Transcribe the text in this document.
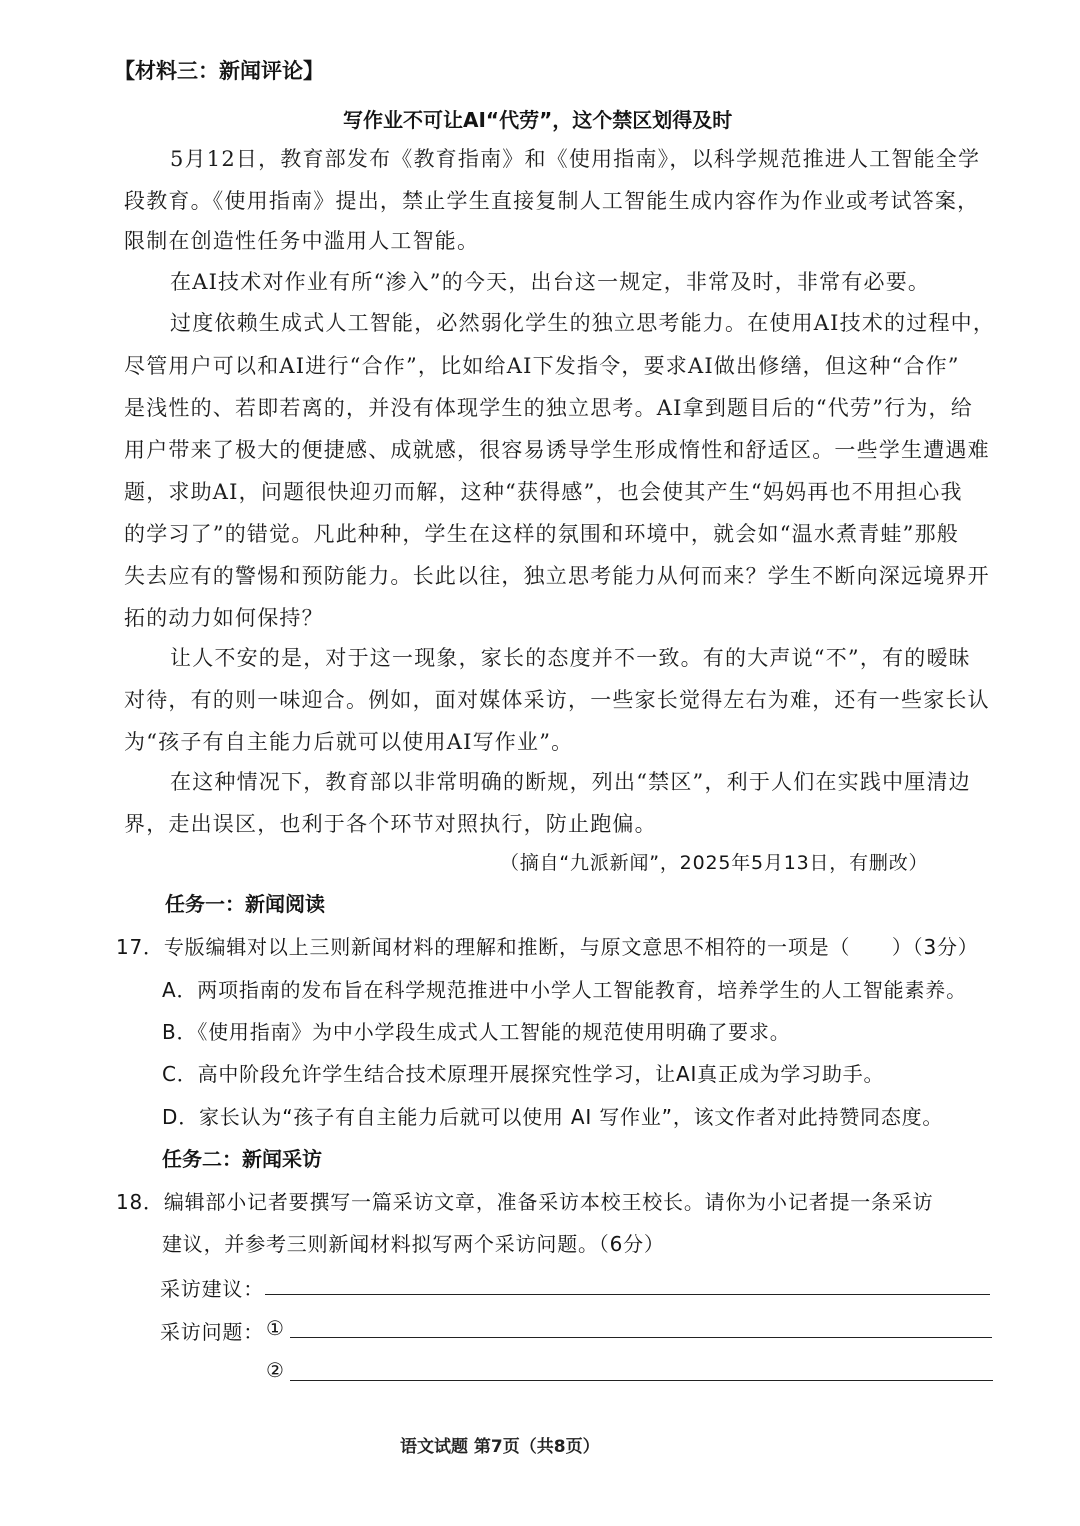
【材料三：新闻评论】
写作业不可让AI“代劳”，这个禁区划得及时
5月12日，教育部发布《教育指南》和《使用指南》，以科学规范推进人工智能全学
段教育。《使用指南》提出，禁止学生直接复制人工智能生成内容作为作业或考试答案，
限制在创造性任务中滥用人工智能。
在AI技术对作业有所“渗入”的今天，出台这一规定，非常及时，非常有必要。
过度依赖生成式人工智能，必然弱化学生的独立思考能力。在使用AI技术的过程中，
尽管用户可以和AI进行“合作”，比如给AI下发指令，要求AI做出修缮，但这种“合作”
是浅性的、若即若离的，并没有体现学生的独立思考。AI拿到题目后的“代劳”行为，给
用户带来了极大的便捷感、成就感，很容易诱导学生形成惰性和舒适区。一些学生遭遇难
题，求助AI，问题很快迎刃而解，这种“获得感”，也会使其产生“妈妈再也不用担心我
的学习了”的错觉。凡此种种，学生在这样的氛围和环境中，就会如“温水煮青蛙”那般
失去应有的警惕和预防能力。长此以往，独立思考能力从何而来？学生不断向深远境界开
拓的动力如何保持？
让人不安的是，对于这一现象，家长的态度并不一致。有的大声说“不”，有的暧昧
对待，有的则一味迎合。例如，面对媒体采访，一些家长觉得左右为难，还有一些家长认
为“孩子有自主能力后就可以使用AI写作业”。
在这种情况下，教育部以非常明确的断规，列出“禁区”，利于人们在实践中厘清边
界，走出误区，也利于各个环节对照执行，防止跑偏。
（摘自“九派新闻”，2025年5月13日，有删改）
任务一：新闻阅读
17．专版编辑对以上三则新闻材料的理解和推断，与原文意思不相符的一项是（　　）（3分）
A．两项指南的发布旨在科学规范推进中小学人工智能教育，培养学生的人工智能素养。
B．《使用指南》为中小学段生成式人工智能的规范使用明确了要求。
C．高中阶段允许学生结合技术原理开展探究性学习，让AI真正成为学习助手。
D．家长认为“孩子有自主能力后就可以使用 AI 写作业”，该文作者对此持赞同态度。
任务二：新闻采访
18．编辑部小记者要撰写一篇采访文章，准备采访本校王校长。请你为小记者提一条采访
建议，并参考三则新闻材料拟写两个采访问题。（6分）
采访建议：
采访问题： ①
②
语文试题 第7页（共8页）
